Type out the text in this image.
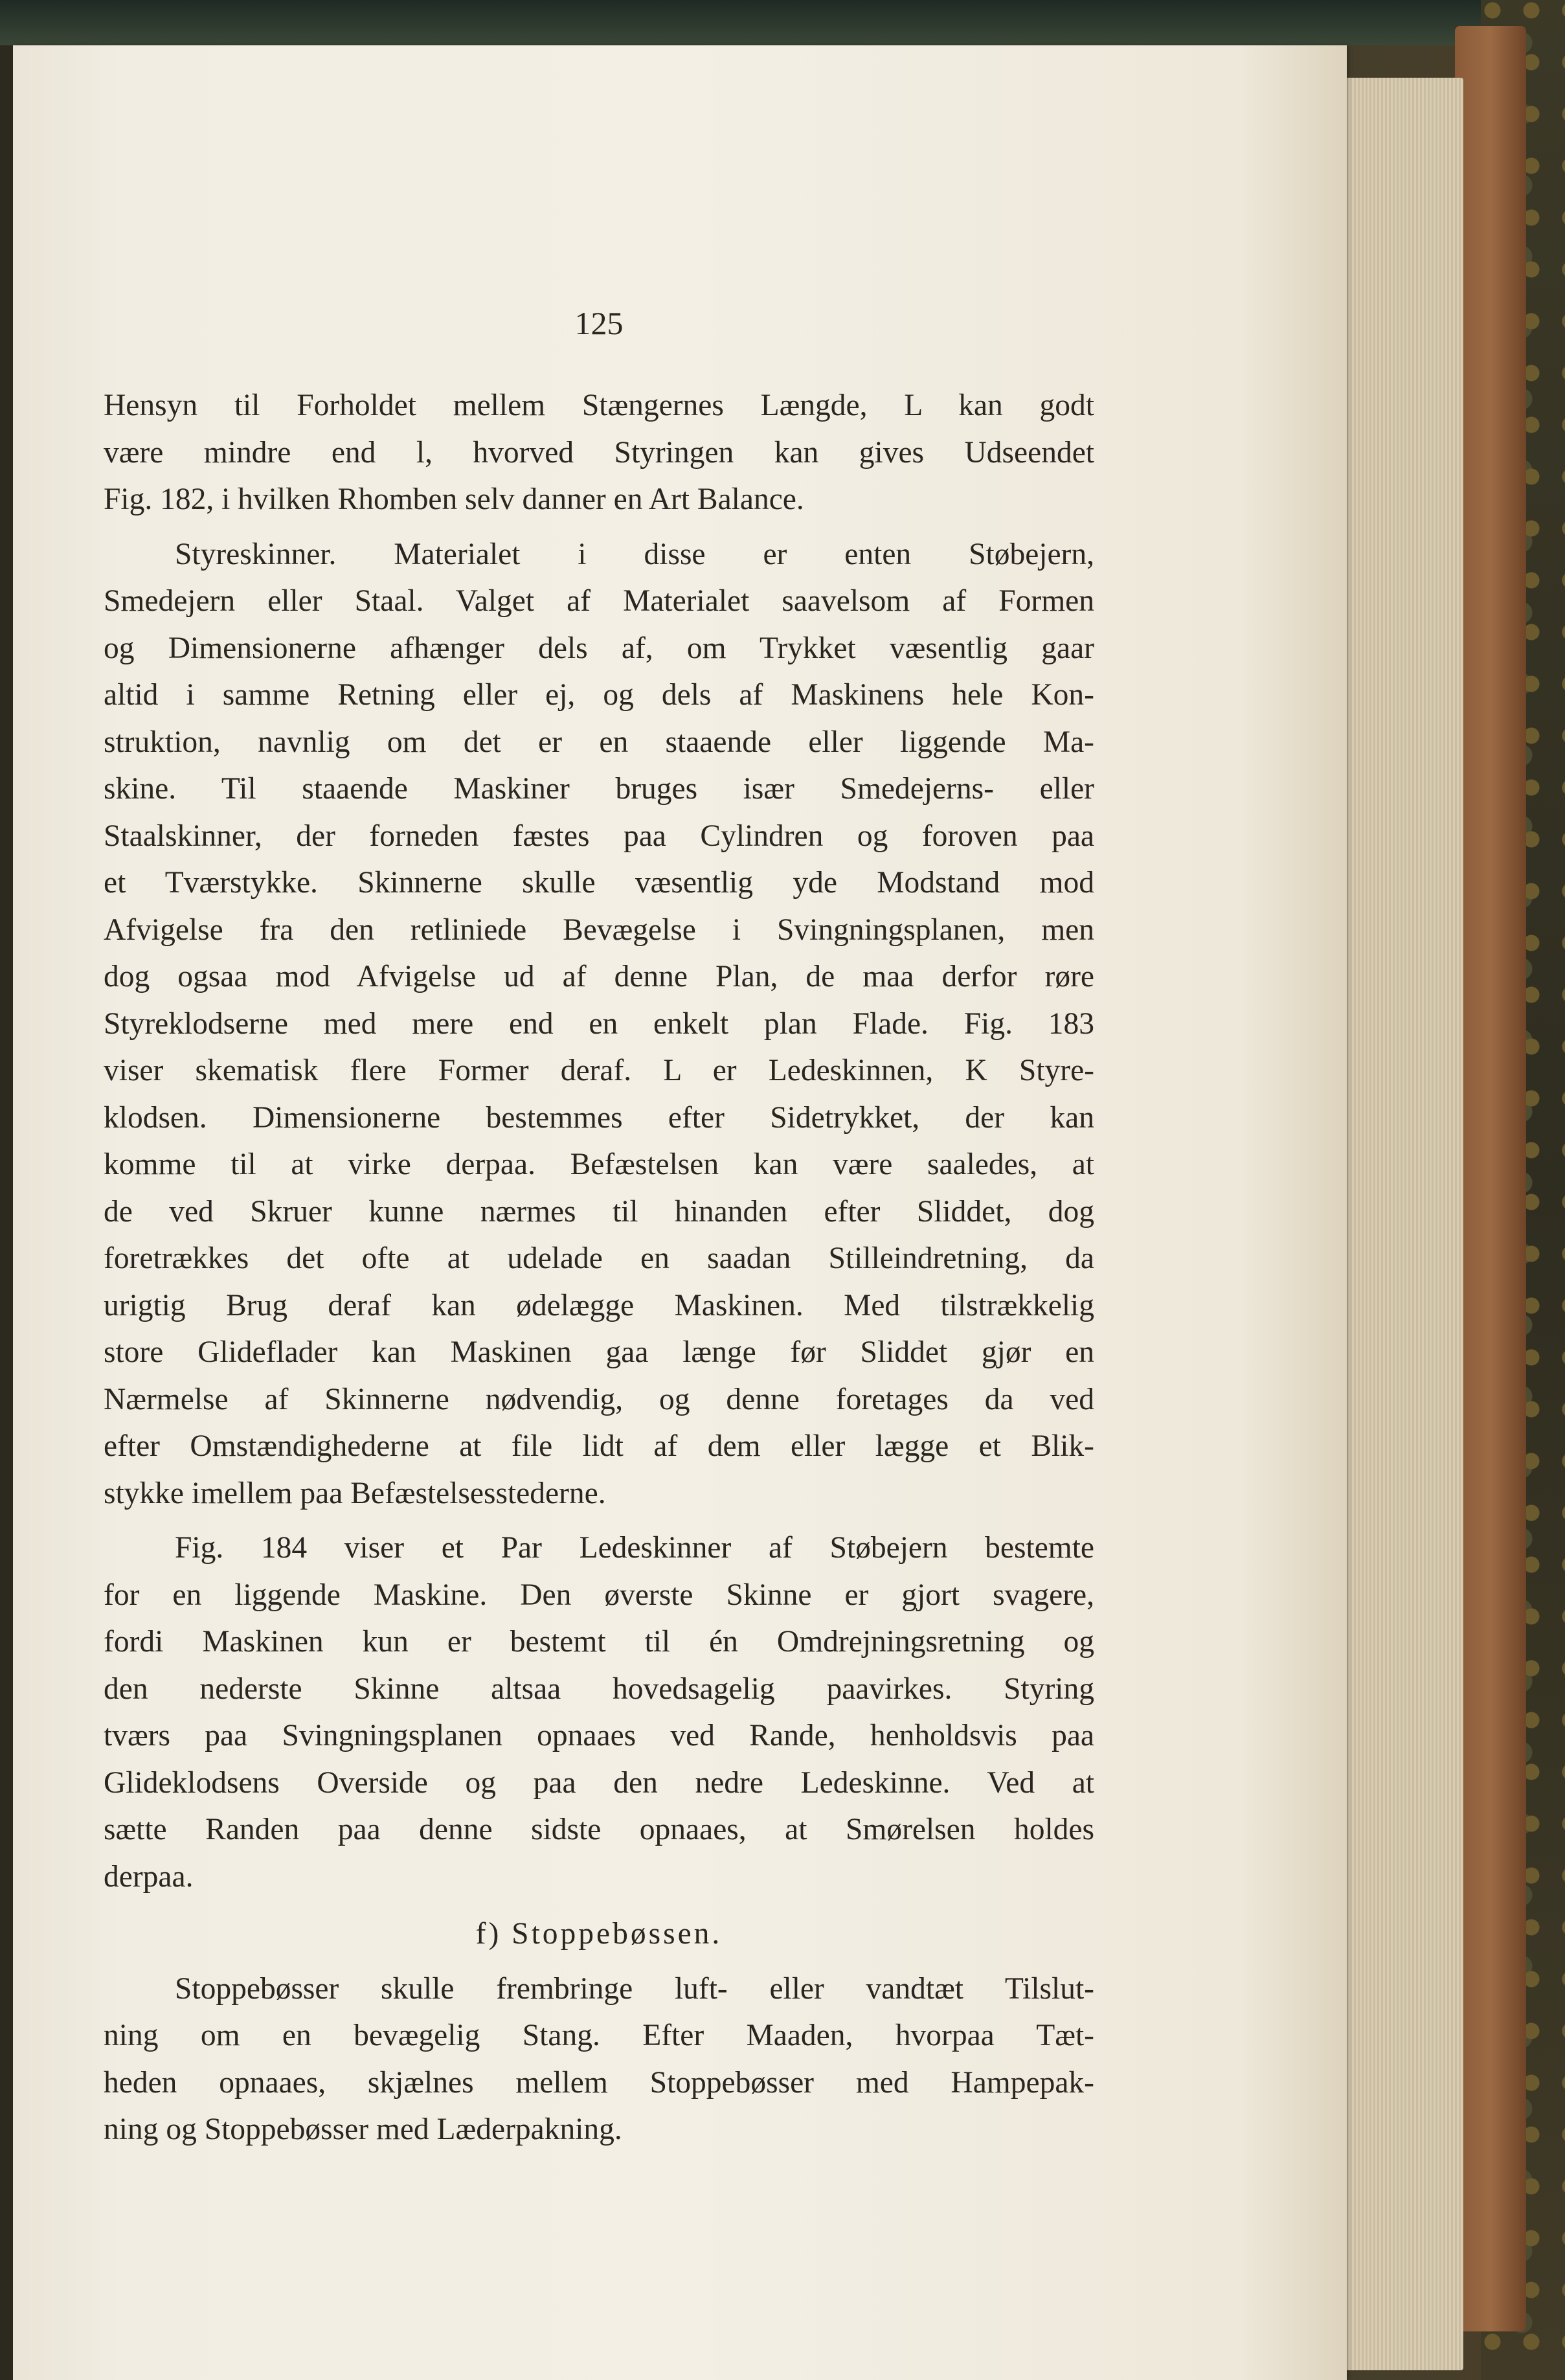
125
Hensyn til Forholdet mellem Stængernes Længde, L kan godt
være mindre end l, hvorved Styringen kan gives Udseendet
Fig. 182, i hvilken Rhomben selv danner en Art Balance.
Styreskinner. Materialet i disse er enten Støbejern,
Smedejern eller Staal. Valget af Materialet saavelsom af Formen
og Dimensionerne afhænger dels af, om Trykket væsentlig gaar
altid i samme Retning eller ej, og dels af Maskinens hele Kon-
struktion, navnlig om det er en staaende eller liggende Ma-
skine. Til staaende Maskiner bruges især Smedejerns- eller
Staalskinner, der forneden fæstes paa Cylindren og foroven paa
et Tværstykke. Skinnerne skulle væsentlig yde Modstand mod
Afvigelse fra den retliniede Bevægelse i Svingningsplanen, men
dog ogsaa mod Afvigelse ud af denne Plan, de maa derfor røre
Styreklodserne med mere end en enkelt plan Flade. Fig. 183
viser skematisk flere Former deraf. L er Ledeskinnen, K Styre-
klodsen. Dimensionerne bestemmes efter Sidetrykket, der kan
komme til at virke derpaa. Befæstelsen kan være saaledes, at
de ved Skruer kunne nærmes til hinanden efter Sliddet, dog
foretrækkes det ofte at udelade en saadan Stilleindretning, da
urigtig Brug deraf kan ødelægge Maskinen. Med tilstrækkelig
store Glideflader kan Maskinen gaa længe før Sliddet gjør en
Nærmelse af Skinnerne nødvendig, og denne foretages da ved
efter Omstændighederne at file lidt af dem eller lægge et Blik-
stykke imellem paa Befæstelsesstederne.
Fig. 184 viser et Par Ledeskinner af Støbejern bestemte
for en liggende Maskine. Den øverste Skinne er gjort svagere,
fordi Maskinen kun er bestemt til én Omdrejningsretning og
den nederste Skinne altsaa hovedsagelig paavirkes. Styring
tværs paa Svingningsplanen opnaaes ved Rande, henholdsvis paa
Glideklodsens Overside og paa den nedre Ledeskinne. Ved at
sætte Randen paa denne sidste opnaaes, at Smørelsen holdes
derpaa.
f) Stoppebøssen.
Stoppebøsser skulle frembringe luft- eller vandtæt Tilslut-
ning om en bevægelig Stang. Efter Maaden, hvorpaa Tæt-
heden opnaaes, skjælnes mellem Stoppebøsser med Hampepak-
ning og Stoppebøsser med Læderpakning.
